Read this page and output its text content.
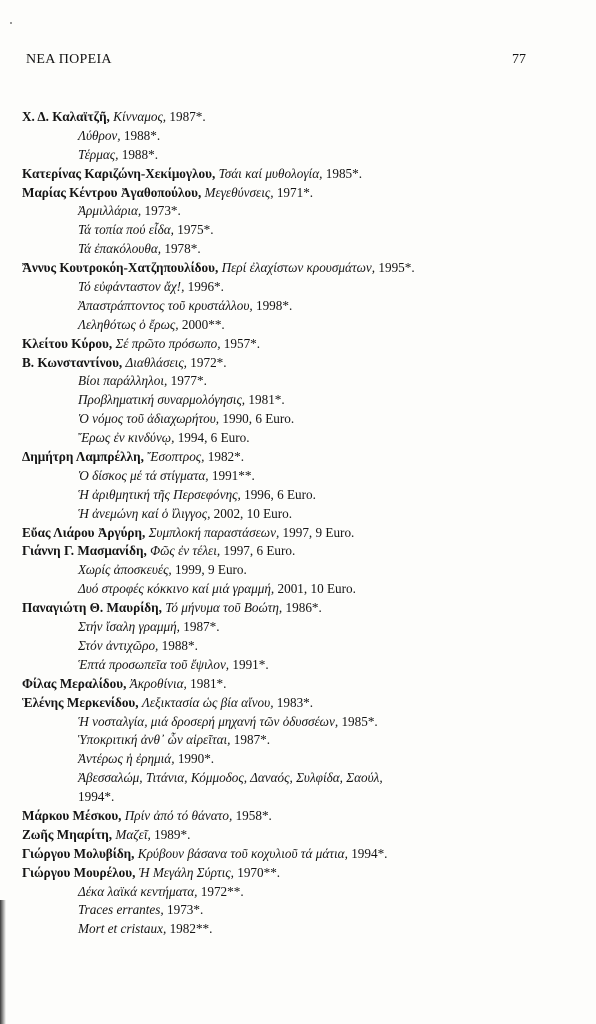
ΝΕΑ ΠΟΡΕΙΑ	77
Χ. Δ. Καλαϊτζῆ, Κίνναμος, 1987*.
Λύθρον, 1988*.
Τέρμας, 1988*.
Κατερίνας Καριζώνη-Χεκίμογλου, Τσάι καί μυθολογία, 1985*.
Μαρίας Κέντρου Ἀγαθοπούλου, Μεγεθύνσεις, 1971*.
Ἀρμιλλάρια, 1973*.
Τά τοπία πού εἶδα, 1975*.
Τά ἐπακόλουθα, 1978*.
Ἄννυς Κουτροκόη-Χατζηπουλίδου, Περί ἐλαχίστων κρουσμάτων, 1995*.
Τό εὐφάνταστον ἄχ!, 1996*.
Ἀπαστράπτοντος τοῦ κρυστάλλου, 1998*.
Λεληθότως ὁ ἔρως, 2000**.
Κλείτου Κύρου, Σέ πρῶτο πρόσωπο, 1957*.
Β. Κωνσταντίνου, Διαθλάσεις, 1972*.
Βίοι παράλληλοι, 1977*.
Προβληματική συναρμολόγησις, 1981*.
Ὁ νόμος τοῦ ἀδιαχωρήτου, 1990, 6 Euro.
Ἔρως ἐν κινδύνῳ, 1994, 6 Euro.
Δημήτρη Λαμπρέλλη, Ἔσοπτρος, 1982*.
Ὁ δίσκος μέ τά στίγματα, 1991**.
Ἡ ἀριθμητική τῆς Περσεφόνης, 1996, 6 Euro.
Ἡ ἀνεμώνη καί ὁ ἴλιγγος, 2002, 10 Euro.
Εὔας Λιάρου Ἀργύρη, Συμπλοκή παραστάσεων, 1997, 9 Euro.
Γιάννη Γ. Μασμανίδη, Φῶς ἐν τέλει, 1997, 6 Euro.
Χωρίς ἀποσκευές, 1999, 9 Euro.
Δυό στροφές κόκκινο καί μιά γραμμή, 2001, 10 Euro.
Παναγιώτη Θ. Μαυρίδη, Τό μήνυμα τοῦ Βοώτη, 1986*.
Στήν ἴσαλη γραμμή, 1987*.
Στόν ἀντιχῶρο, 1988*.
Ἑπτά προσωπεῖα τοῦ ἔψιλον, 1991*.
Φίλας Μεραλίδου, Ἀκροθίνια, 1981*.
Ἑλένης Μερκενίδου, Λεξικτασία ὡς βία αἴνου, 1983*.
Ἡ νοσταλγία, μιά δροσερή μηχανή τῶν ὀδυσσέων, 1985*.
Ὑποκριτική ἀνθ᾽ ὧν αἱρεῖται, 1987*.
Ἀντέρως ἡ ἐρημιά, 1990*.
Ἀβεσσαλώμ, Τιτάνια, Κόμμοδος, Δαναός, Συλφίδα, Σαούλ,
1994*.
Μάρκου Μέσκου, Πρίν ἀπό τό θάνατο, 1958*.
Ζωῆς Μηαρίτη, Μαζεῖ, 1989*.
Γιώργου Μολυβίδη, Κρύβουν βάσανα τοῦ κοχυλιοῦ τά μάτια, 1994*.
Γιώργου Μουρέλου, Ἡ Μεγάλη Σύρτις, 1970**.
Δέκα λαϊκά κεντήματα, 1972**.
Traces errantes, 1973*.
Mort et cristaux, 1982**.
